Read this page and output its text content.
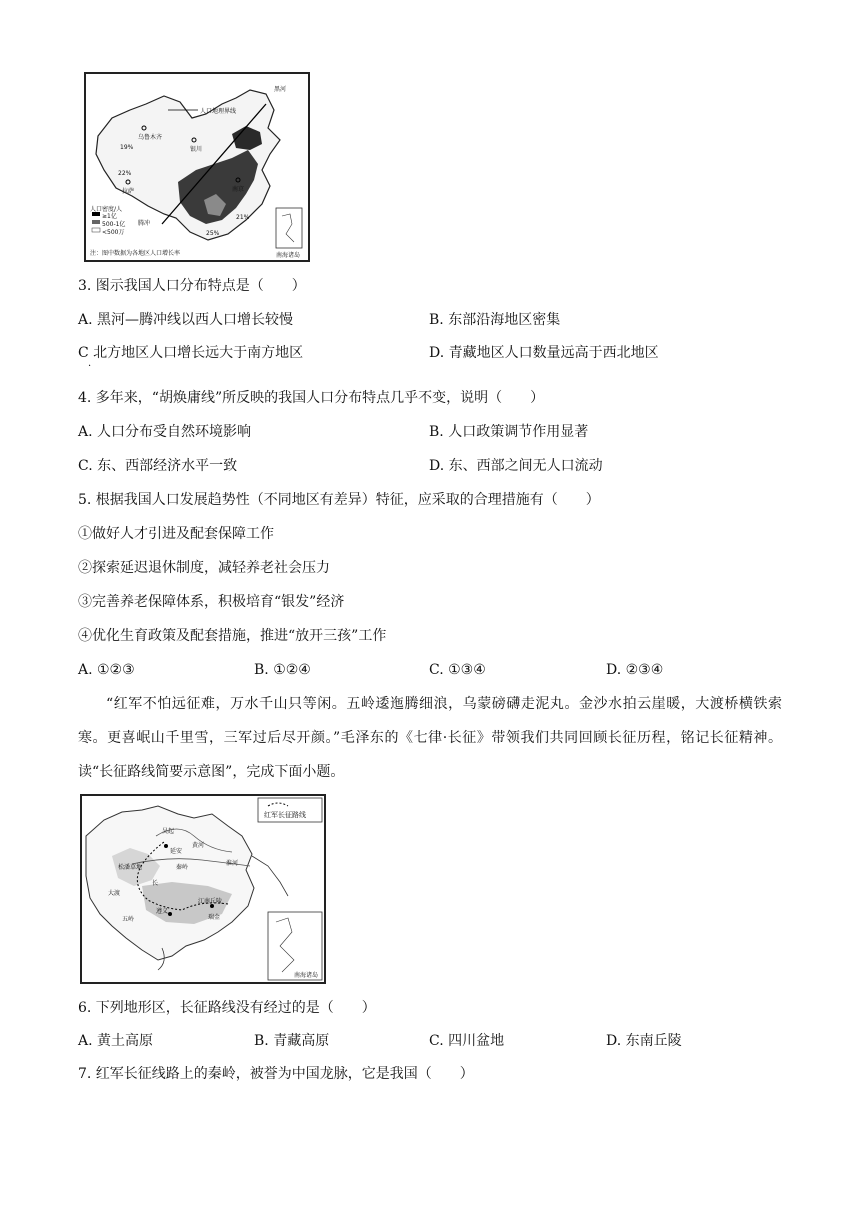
人口地理界线
黑河
腾冲
乌鲁木齐
拉萨
银川
南京
19%
22%
21%
25%
人口密度/人
≥1亿
500-1亿
<500万
注：图中数据为各地区人口增长率	南海诸岛
3. 图示我国人口分布特点是（　　）
A. 黑河—腾冲线以西人口增长较慢	B. 东部沿海地区密集
C 北方地区人口增长远大于南方地区	D. 青藏地区人口数量远高于西北地区
·
4. 多年来，“胡焕庸线”所反映的我国人口分布特点几乎不变，说明（　　）
A. 人口分布受自然环境影响	B. 人口政策调节作用显著
C. 东、西部经济水平一致	D. 东、西部之间无人口流动
5. 根据我国人口发展趋势性（不同地区有差异）特征，应采取的合理措施有（　　）
①做好人才引进及配套保障工作
②探索延迟退休制度，减轻养老社会压力
③完善养老保障体系，积极培育“银发”经济
④优化生育政策及配套措施，推进“放开三孩”工作
A. ①②③	B. ①②④	C. ①③④	D. ②③④
“红军不怕远征难，万水千山只等闲。五岭逶迤腾细浪，乌蒙磅礴走泥丸。金沙水拍云崖暖，大渡桥横铁索寒。更喜岷山千里雪，三军过后尽开颜。”毛泽东的《七律·长征》带领我们共同回顾长征历程，铭记长征精神。读“长征路线简要示意图”，完成下面小题。
红军长征路线
吴起
延安
黄河
淮河
秦岭
松潘草地
大渡
长
遵义
瑞金
江南丘陵
五岭
南海诸岛
6. 下列地形区，长征路线没有经过的是（　　）
A. 黄土高原	B. 青藏高原	C. 四川盆地	D. 东南丘陵
7. 红军长征线路上的秦岭，被誉为中国龙脉，它是我国（　　）
